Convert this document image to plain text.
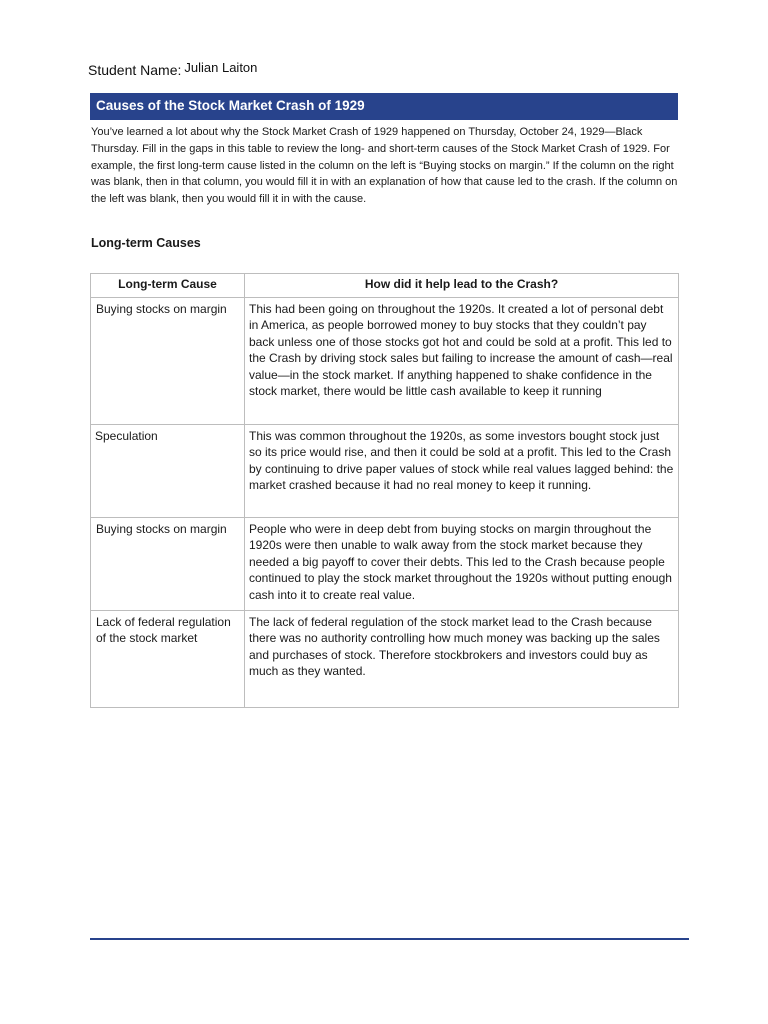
Student Name: Julian Laiton
Causes of the Stock Market Crash of 1929
You’ve learned a lot about why the Stock Market Crash of 1929 happened on Thursday, October 24, 1929—Black Thursday. Fill in the gaps in this table to review the long- and short-term causes of the Stock Market Crash of 1929. For example, the first long-term cause listed in the column on the left is “Buying stocks on margin.” If the column on the right was blank, then in that column, you would fill it in with an explanation of how that cause led to the crash. If the column on the left was blank, then you would fill it in with the cause.
Long-term Causes
Long-term Cause	How did it help lead to the Crash?
Buying stocks on margin	This had been going on throughout the 1920s. It created a lot of personal debt in America, as people borrowed money to buy stocks that they couldn’t pay back unless one of those stocks got hot and could be sold at a profit. This led to the Crash by driving stock sales but failing to increase the amount of cash—real value—in the stock market. If anything happened to shake confidence in the stock market, there would be little cash available to keep it running
Speculation	This was common throughout the 1920s, as some investors bought stock just so its price would rise, and then it could be sold at a profit. This led to the Crash by continuing to drive paper values of stock while real values lagged behind: the market crashed because it had no real money to keep it running.
Buying stocks on margin	People who were in deep debt from buying stocks on margin throughout the 1920s were then unable to walk away from the stock market because they needed a big payoff to cover their debts. This led to the Crash because people continued to play the stock market throughout the 1920s without putting enough cash into it to create real value.
Lack of federal regulation of the stock market	The lack of federal regulation of the stock market lead to the Crash because there was no authority controlling how much money was backing up the sales and purchases of stock. Therefore stockbrokers and investors could buy as much as they wanted.
